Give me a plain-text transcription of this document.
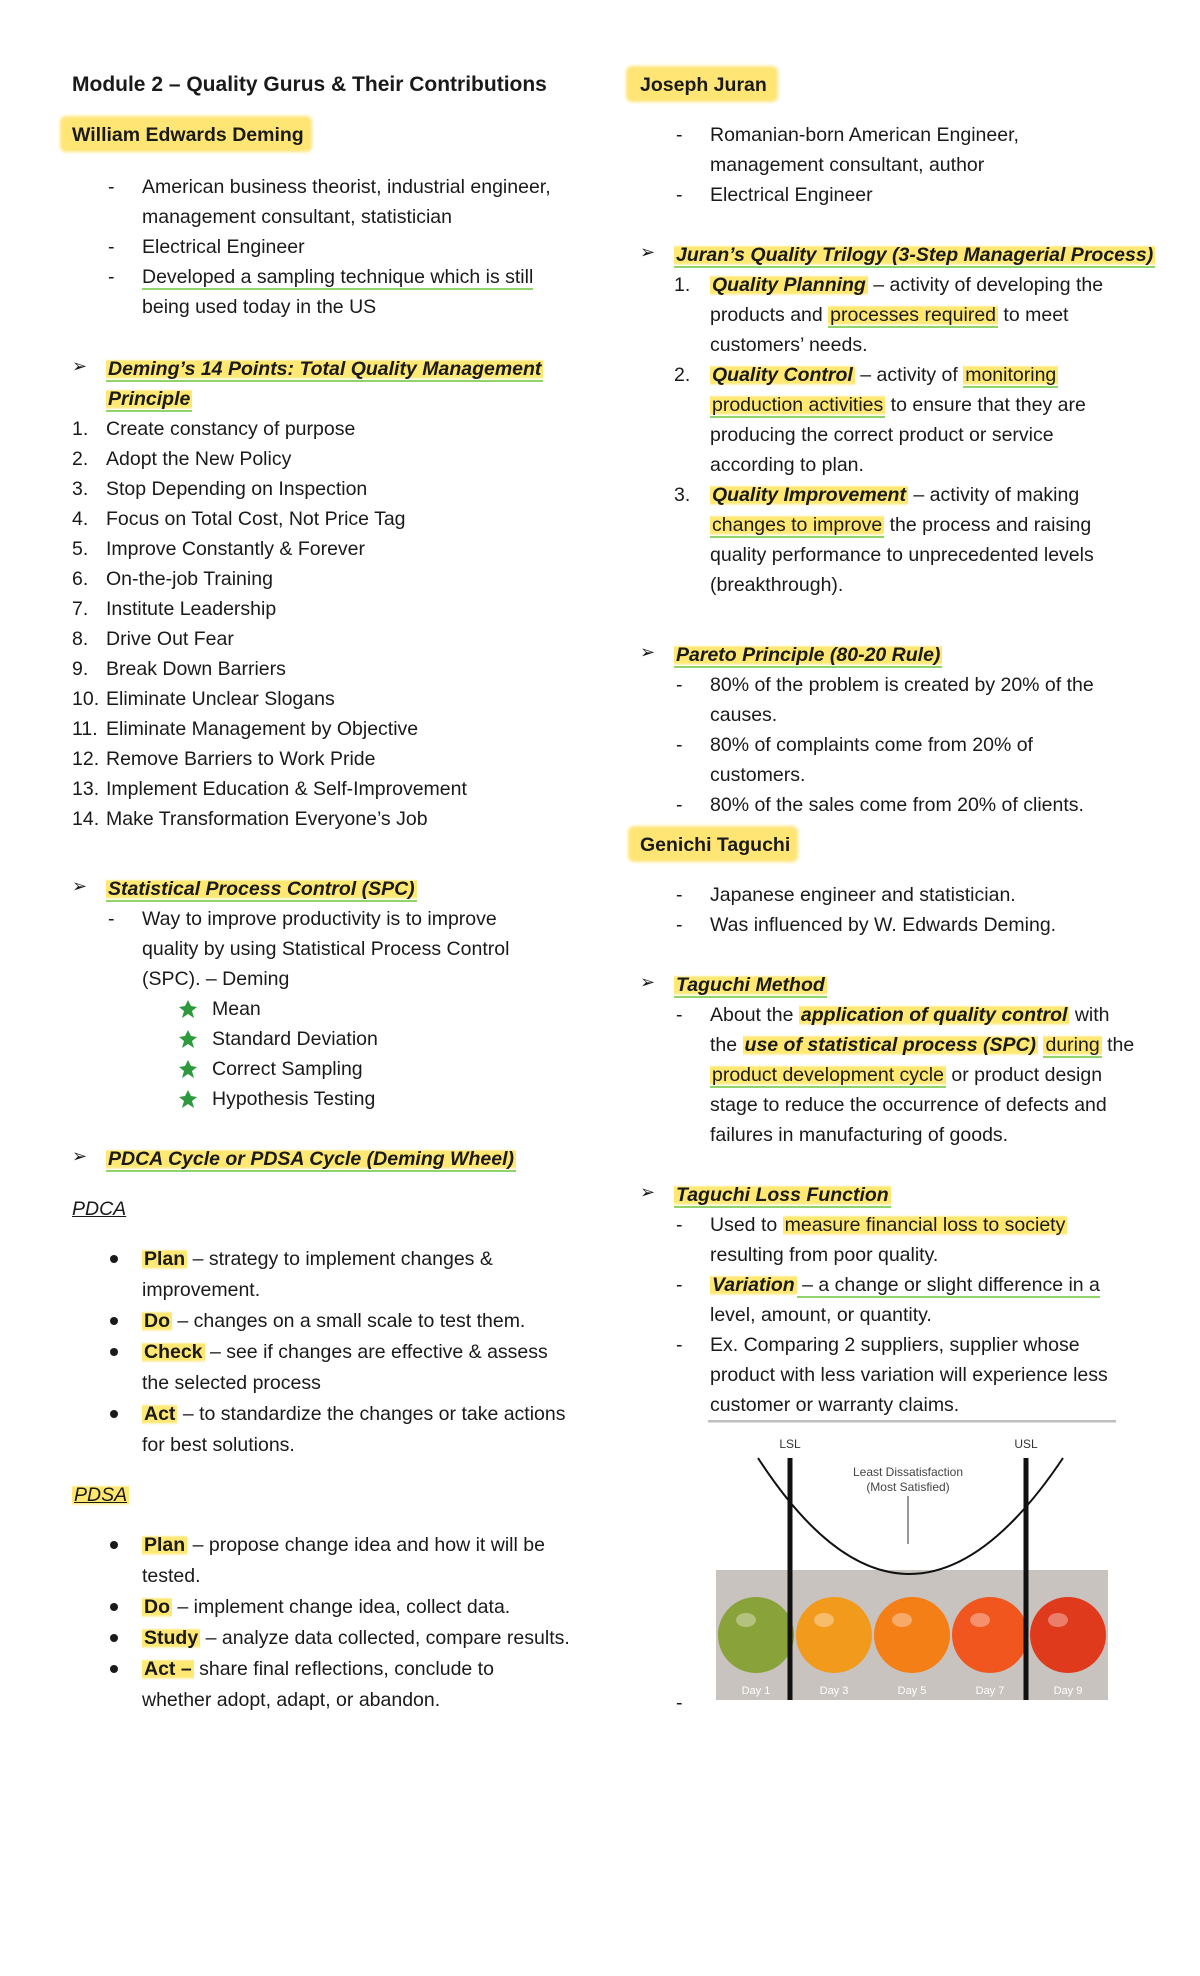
Module 2 – Quality Gurus & Their Contributions
William Edwards Deming
- American business theorist, industrial engineer,
management consultant, statistician
- Electrical Engineer
- Developed a sampling technique which is still
being used today in the US
➢ Deming’s 14 Points: Total Quality Management
Principle
➢ Statistical Process Control (SPC)
- Way to improve productivity is to improve
quality by using Statistical Process Control
(SPC). – Deming
➢ PDCA Cycle or PDSA Cycle (Deming Wheel)
PDCA
PDSA
1. Create constancy of purpose
2. Adopt the New Policy
3. Stop Depending on Inspection
4. Focus on Total Cost, Not Price Tag
5. Improve Constantly & Forever
6. On-the-job Training
7. Institute Leadership
8. Drive Out Fear
9. Break Down Barriers
10. Eliminate Unclear Slogans
11. Eliminate Management by Objective
12. Remove Barriers to Work Pride
13. Implement Education & Self-Improvement
14. Make Transformation Everyone’s Job
Mean
Standard Deviation
Correct Sampling
Hypothesis Testing
Plan – strategy to implement changes &
improvement.
Do – changes on a small scale to test them.
Check – see if changes are effective & assess
the selected process
Act – to standardize the changes or take actions
for best solutions.
Plan – propose change idea and how it will be
tested.
Do – implement change idea, collect data.
Study – analyze data collected, compare results.
Act – share final reflections, conclude to
whether adopt, adapt, or abandon.
Joseph Juran
- Romanian-born American Engineer,
management consultant, author
- Electrical Engineer
➢ Juran’s Quality Trilogy (3-Step Managerial Process)
1. Quality Planning – activity of developing the
products and processes required to meet
customers’ needs.
2. Quality Control – activity of monitoring
production activities to ensure that they are
producing the correct product or service
according to plan.
3. Quality Improvement – activity of making
changes to improve the process and raising
quality performance to unprecedented levels
(breakthrough).
➢ Pareto Principle (80-20 Rule)
- 80% of the problem is created by 20% of the
causes.
- 80% of complaints come from 20% of
customers.
- 80% of the sales come from 20% of clients.
Genichi Taguchi
- Japanese engineer and statistician.
- Was influenced by W. Edwards Deming.
➢ Taguchi Method
- About the application of quality control with
the use of statistical process (SPC) during the
product development cycle or product design
stage to reduce the occurrence of defects and
failures in manufacturing of goods.
➢ Taguchi Loss Function
- Used to measure financial loss to society
resulting from poor quality.
- Variation – a change or slight difference in a
level, amount, or quantity.
- Ex. Comparing 2 suppliers, supplier whose
product with less variation will experience less
customer or warranty claims.
LSL	USL
Least Dissatisfaction
(Most Satisfied)
Day 1	Day 3	Day 5	Day 7	Day 9
-
